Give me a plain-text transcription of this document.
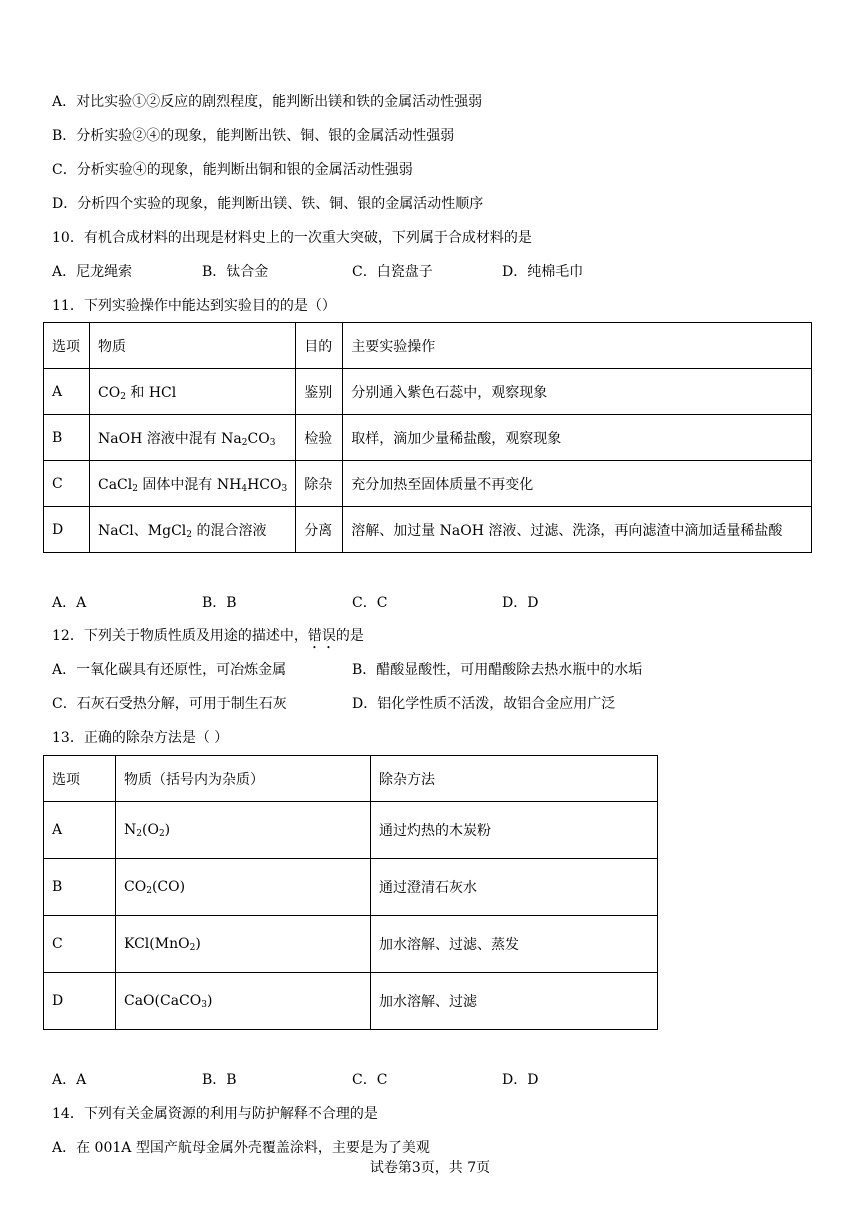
A．对比实验①②反应的剧烈程度，能判断出镁和铁的金属活动性强弱
B．分析实验②④的现象，能判断出铁、铜、银的金属活动性强弱
C．分析实验④的现象，能判断出铜和银的金属活动性强弱
D．分析四个实验的现象，能判断出镁、铁、铜、银的金属活动性顺序
10．有机合成材料的出现是材料史上的一次重大突破，下列属于合成材料的是
A．尼龙绳索	B．钛合金	C．白瓷盘子	D．纯棉毛巾
11．下列实验操作中能达到实验目的的是（）
选项	物质	目的	主要实验操作
A	$CO_2$ 和 HCl	鉴别	分别通入紫色石蕊中，观察现象
B	NaOH 溶液中混有 $Na_2CO_3$	检验	取样，滴加少量稀盐酸，观察现象
C	CaCl$_2$ 固体中混有 $NH_4HCO_3$	除杂	充分加热至固体质量不再变化
D	NaCl、MgCl$_2$ 的混合溶液	分离	溶解、加过量 NaOH 溶液、过滤、洗涤，再向滤渣中滴加适量稀盐酸
A．A	B．B	C．C	D．D
12．下列关于物质性质及用途的描述中，错误的是
A．一氧化碳具有还原性，可冶炼金属	B．醋酸显酸性，可用醋酸除去热水瓶中的水垢
C．石灰石受热分解，可用于制生石灰	D．铝化学性质不活泼，故铝合金应用广泛
13．正确的除杂方法是（ ）
选项	物质（括号内为杂质）	除杂方法
A	$N_2(O_2)$	通过灼热的木炭粉
B	$CO_2(CO)$	通过澄清石灰水
C	KCl(MnO$_2$)	加水溶解、过滤、蒸发
D	CaO(CaCO$_3$)	加水溶解、过滤
A．A	B．B	C．C	D．D
14．下列有关金属资源的利用与防护解释不合理的是
A．在 001A 型国产航母金属外壳覆盖涂料，主要是为了美观
试卷第3页，共 7页
